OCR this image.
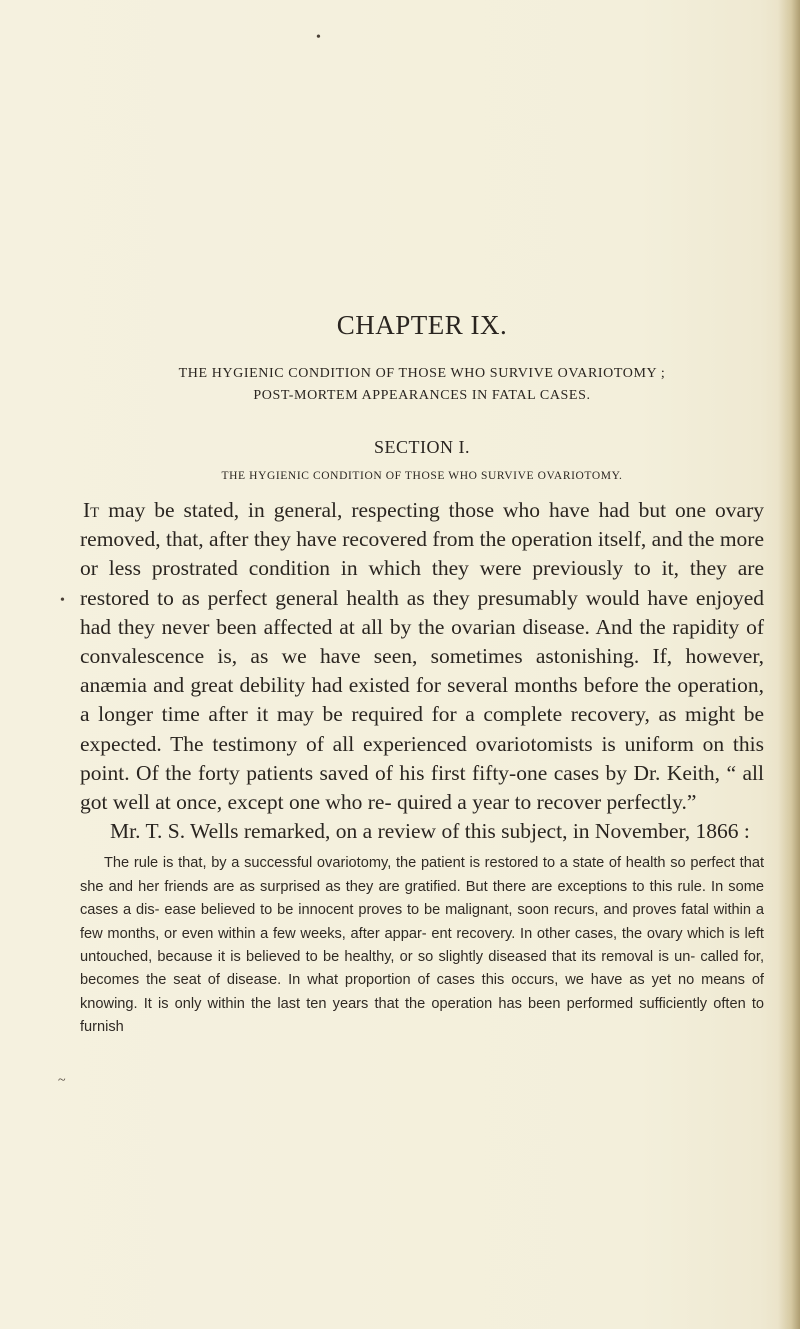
•
•
~
CHAPTER IX.
THE HYGIENIC CONDITION OF THOSE WHO SURVIVE OVARIOTOMY ;
POST-MORTEM APPEARANCES IN FATAL CASES.
SECTION I.
THE HYGIENIC CONDITION OF THOSE WHO SURVIVE OVARIOTOMY.

It may be stated, in general, respecting those who have had but one ovary removed, that, after they have recovered from the operation itself, and the more or less prostrated condition in which they were previously to it, they are restored to as perfect general health as they presumably would have enjoyed had they never been affected at all by the ovarian disease. And the rapidity of convalescence is, as we have seen, sometimes astonishing. If, however, anæmia and great debility had existed for several months before the operation, a longer time after it may be required for a complete recovery, as might be expected. The testimony of all experienced ovariotomists is uniform on this point. Of the forty patients saved of his first fifty-one cases by Dr. Keith, “ all got well at once, except one who re- quired a year to recover perfectly.”

Mr. T. S. Wells remarked, on a review of this subject, in November, 1866 :

The rule is that, by a successful ovariotomy, the patient is restored to a state of health so perfect that she and her friends are as surprised as they are gratified. But there are exceptions to this rule. In some cases a dis- ease believed to be innocent proves to be malignant, soon recurs, and proves fatal within a few months, or even within a few weeks, after appar- ent recovery. In other cases, the ovary which is left untouched, because it is believed to be healthy, or so slightly diseased that its removal is un- called for, becomes the seat of disease. In what proportion of cases this occurs, we have as yet no means of knowing. It is only within the last ten years that the operation has been performed sufficiently often to furnish
